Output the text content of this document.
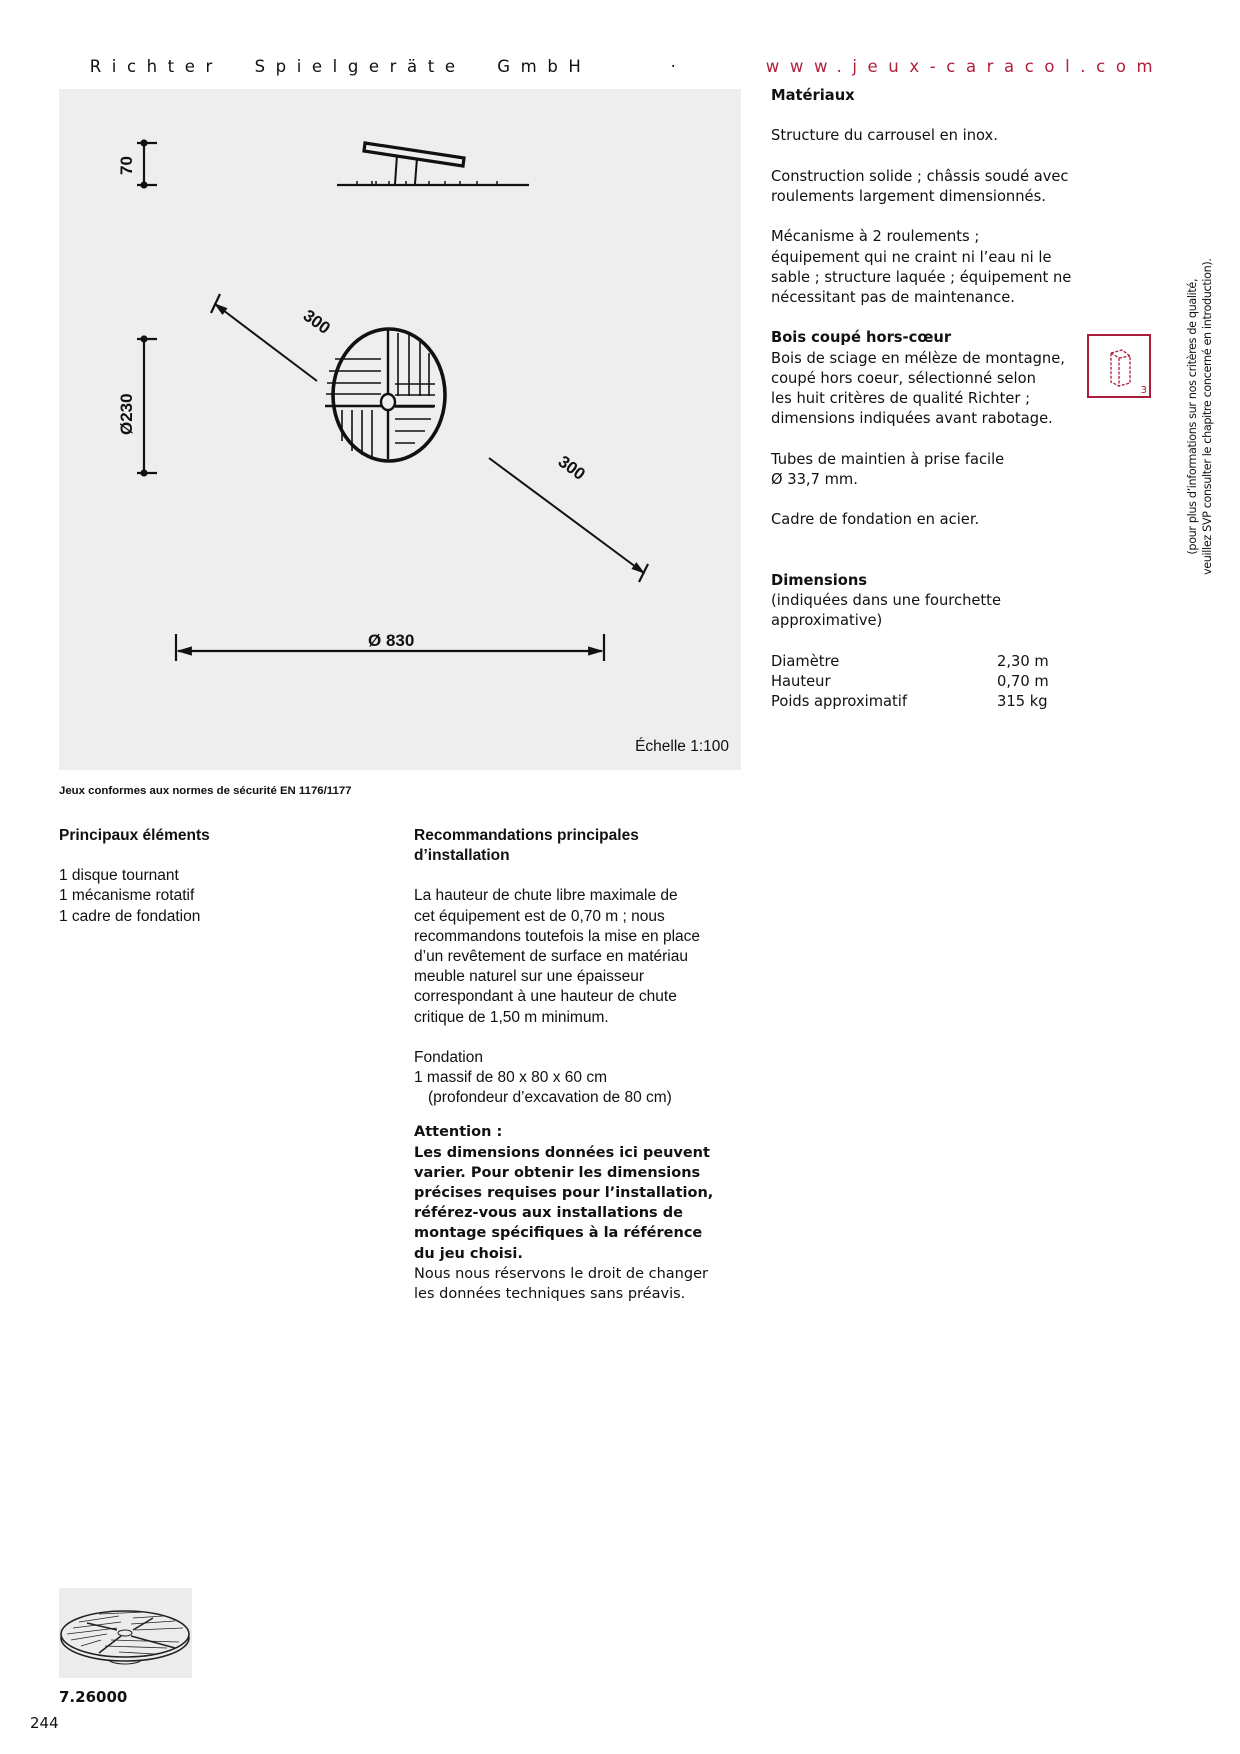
Richter  Spielgeräte  GmbH	·	www.jeux-caracol.com

70
Ø230
300
300
Ø 830
Échelle 1:100
Jeux conformes aux normes de sécurité EN 1176/1177
Principaux éléments
1 disque tournant
1 mécanisme rotatif
1 cadre de fondation
Recommandations principales
d’installation

La hauteur de chute libre maximale de

cet équipement est de 0,70 m ; nous

recommandons toutefois la mise en place

d’un revêtement de surface en matériau

meuble naturel sur une épaisseur

correspondant à une hauteur de chute

critique de 1,50 m minimum.

Fondation

1 massif de 80 x 80 x 60 cm

(profondeur d’excavation de 80 cm)

Attention :
Les dimensions données ici peuvent
varier. Pour obtenir les dimensions
précises requises pour l’installation,
référez-vous aux installations de
montage spécifiques à la référence
du jeu choisi.
Nous nous réservons le droit de changer
les données techniques sans préavis.
Matériaux

Structure du carrousel en inox.

Construction solide ; châssis soudé avec

roulements largement dimensionnés.

Mécanisme à 2 roulements ;

équipement qui ne craint ni l’eau ni le

sable ; structure laquée ; équipement ne

nécessitant pas de maintenance.

Bois coupé hors-cœur

Bois de sciage en mélèze de montagne,

coupé hors coeur, sélectionné selon

les huit critères de qualité Richter ;

dimensions indiquées avant rabotage.

Tubes de maintien à prise facile

Ø 33,7 mm.

Cadre de fondation en acier.

Dimensions

(indiquées dans une fourchette

approximative)

Diamètre	2,30 m
Hauteur	0,70 m
Poids approximatif	315 kg
3	(pour plus d’informations sur nos critères de qualité, veuillez SVP consulter le chapitre concerné en introduction).
7.26000
244
